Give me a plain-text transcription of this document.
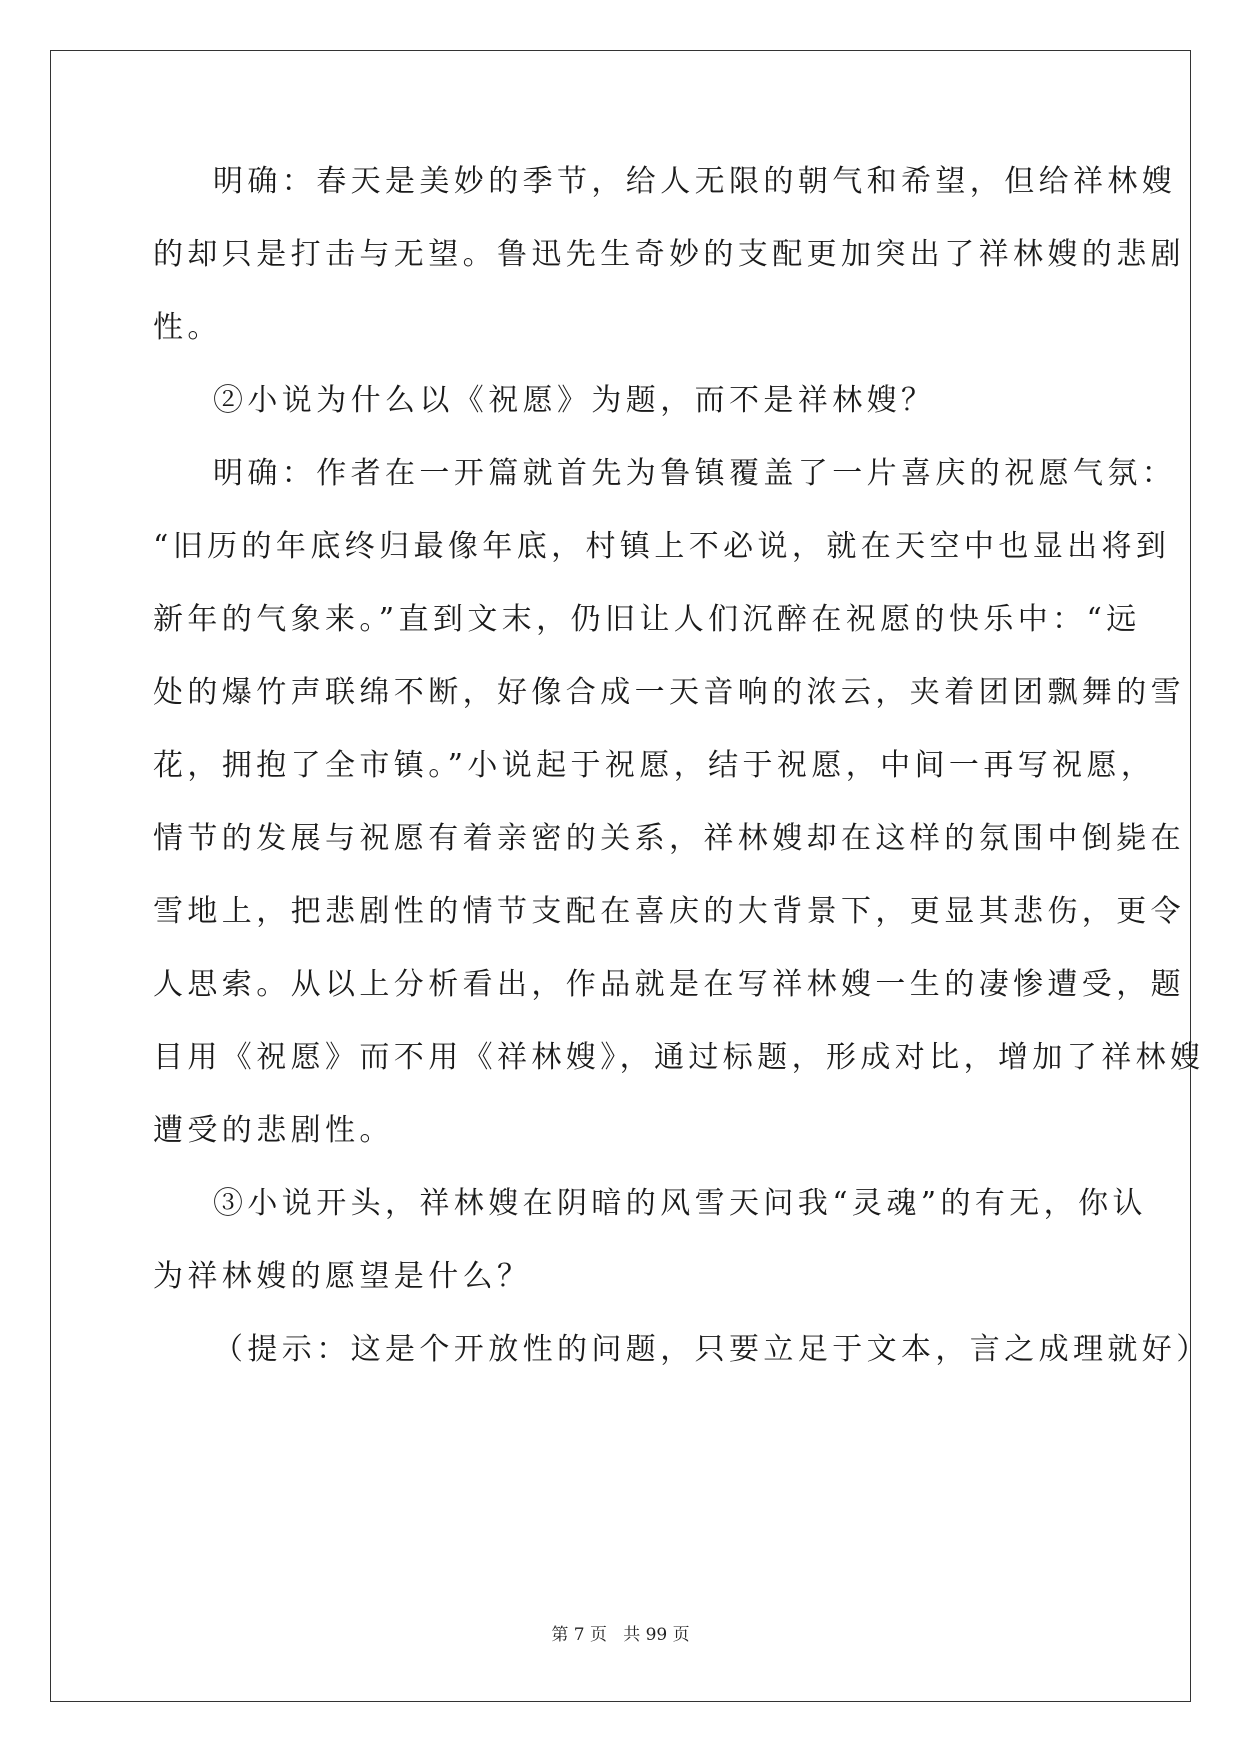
明确：春天是美妙的季节，给人无限的朝气和希望，但给祥林嫂
的却只是打击与无望。鲁迅先生奇妙的支配更加突出了祥林嫂的悲剧
性。
②小说为什么以《祝愿》为题，而不是祥林嫂？
明确：作者在一开篇就首先为鲁镇覆盖了一片喜庆的祝愿气氛：
“旧历的年底终归最像年底，村镇上不必说，就在天空中也显出将到
新年的气象来。”直到文末，仍旧让人们沉醉在祝愿的快乐中：“远
处的爆竹声联绵不断，好像合成一天音响的浓云，夹着团团飘舞的雪
花，拥抱了全市镇。”小说起于祝愿，结于祝愿，中间一再写祝愿，
情节的发展与祝愿有着亲密的关系，祥林嫂却在这样的氛围中倒毙在
雪地上，把悲剧性的情节支配在喜庆的大背景下，更显其悲伤，更令
人思索。从以上分析看出，作品就是在写祥林嫂一生的凄惨遭受，题
目用《祝愿》而不用《祥林嫂》，通过标题，形成对比，增加了祥林嫂
遭受的悲剧性。
③小说开头，祥林嫂在阴暗的风雪天问我“灵魂”的有无，你认
为祥林嫂的愿望是什么？
（提示：这是个开放性的问题，只要立足于文本，言之成理就好）
第 7 页 共 99 页
